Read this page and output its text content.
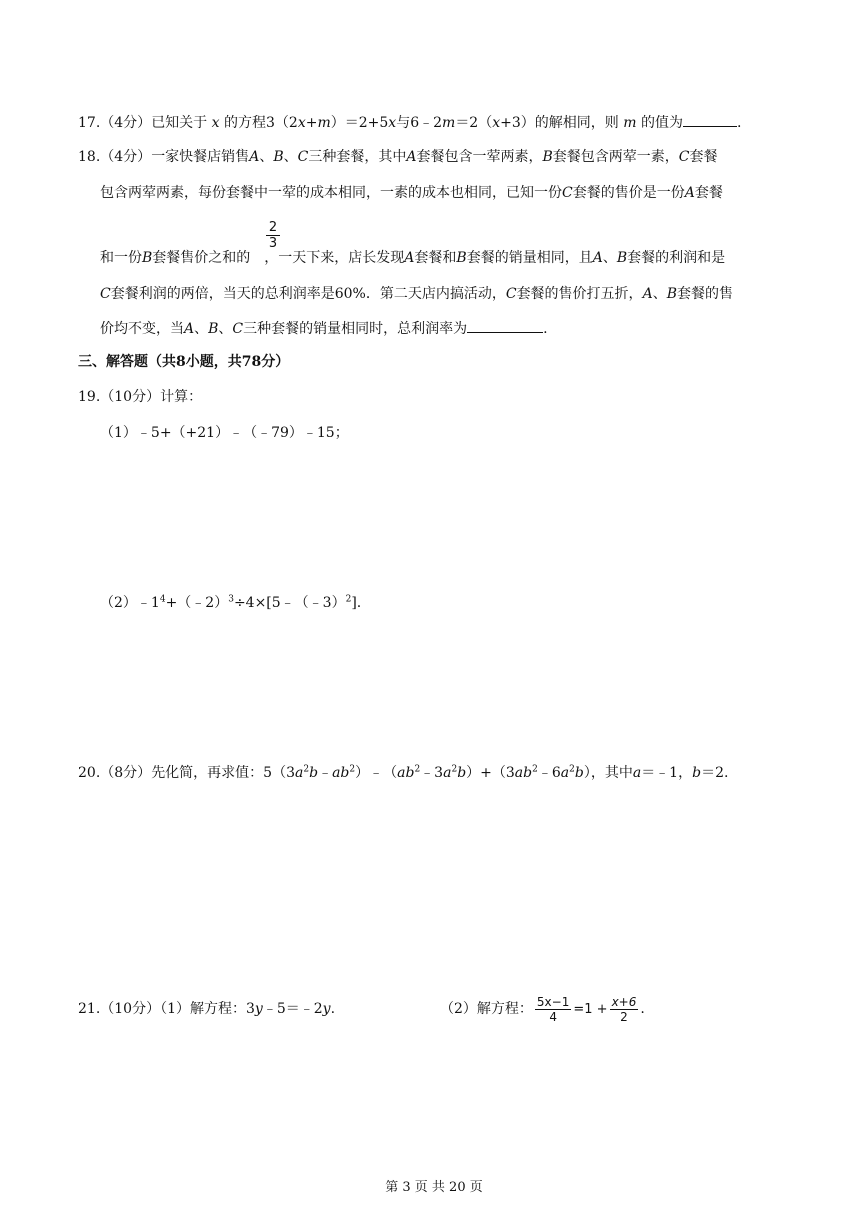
17.（4分）已知关于 x 的方程3（2x+m）＝2+5x与6﹣2m＝2（x+3）的解相同，则 m 的值为	.
18.（4分）一家快餐店销售A、B、C三种套餐，其中A套餐包含一荤两素，B套餐包含两荤一素，C套餐
包含两荤两素，每份套餐中一荤的成本相同，一素的成本也相同，已知一份C套餐的售价是一份A套餐
$\frac{2}{3}$
和一份B套餐售价之和的 ，一天下来，店长发现A套餐和B套餐的销量相同，且A、B套餐的利润和是
C套餐利润的两倍，当天的总利润率是60%．第二天店内搞活动，C套餐的售价打五折，A、B套餐的售
价均不变，当A、B、C三种套餐的销量相同时，总利润率为	.
三、解答题（共8小题，共78分）
19.（10分）计算：
（1）﹣5+（+21）﹣（﹣79）﹣15；
$(2)﹣1^4+(﹣2)^3\div 4\times[5﹣(﹣3)^2]$.
20.（8分）先化简，再求值：$5(3a^2b﹣ab^2)﹣(ab^2﹣3a^2b)+(3ab^2﹣6a^2b)$，其中a＝﹣1，b＝2.
21.（10分）（1）解方程：3y﹣5＝﹣2y.	（2）解方程： $\frac{5x-1}{4} =1 + \frac{x+6}{2}$ .
第 3 页 共 20 页
